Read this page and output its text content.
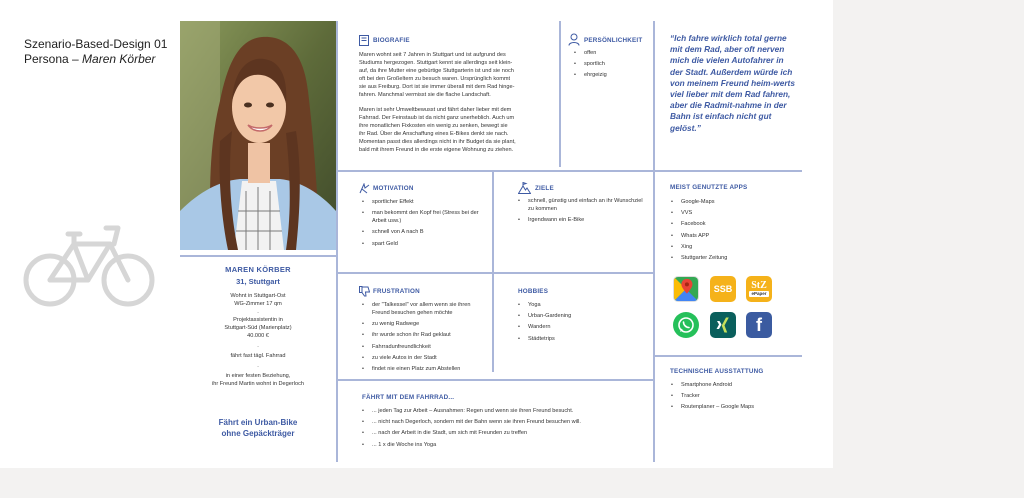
Szenario-Based-Design 01
Persona – Maren Körber
MAREN KÖRBER
31, Stuttgart
Wohnt in Stuttgart-Ost
WG-Zimmer 17 qm
.
Projektassistentin in
Stuttgart-Süd (Marienplatz)
40.000 €
.
fährt fast tägl. Fahrrad
.
in einer festen Beziehung,
ihr Freund Martin wohnt in Degerloch
Fährt ein Urban-Bike
ohne Gepäckträger
BIOGRAFIE
Maren wohnt seit 7 Jahren in Stuttgart und ist aufgrund des
Studiums hergezogen. Stuttgart kennt sie allerdings seit klein-
auf, da ihre Mutter eine gebürtige Stuttgarterin ist und sie noch
oft bei den Großeltern zu besuch waren. Ursprünglich kommt
sie aus Freiburg. Dort ist sie immer überall mit dem Rad hinge-
fahren. Manchmal vermisst sie die flache Landschaft.
Maren ist sehr Umweltbewusst und fährt daher lieber mit dem
Fahrrad. Der Feinstaub ist da nicht ganz unerheblich. Auch um
ihre monatlichen Fixkosten ein wenig zu senken, bewegt sie
ihr Rad. Über die Anschaffung eines E-Bikes denkt sie nach.
Momentan passt dies allerdings nicht in ihr Budget da sie plant,
bald mit ihrem Freund in die erste eigene Wohnung zu ziehen.
PERSÖNLICHKEIT
• offen
• sportlich
• ehrgeizig
“Ich fahre wirklich total gerne mit dem Rad, aber oft nerven mich die vielen Autofahrer in der Stadt. Außerdem würde ich von meinem Freund heim-werts viel lieber mit dem Rad fahren, aber die Radmit-nahme in der Bahn ist einfach nicht gut gelöst.”
MOTIVATION
• sportlicher Effekt
• man bekommt den Kopf frei (Stress bei der Arbeit usw.)
• schnell von A nach B
• spart Geld
ZIELE
• schnell, günstig und einfach an ihr Wunschziel zu kommen
• Irgendwann ein E-Bike
MEIST GENUTZTE APPS
• Google-Maps
• VVS
• Facebook
• Whats APP
• Xing
• Stuttgarter Zeitung
SSB	StZ
ePaper
f
FRUSTRATION
• der "Talkessel" vor allem wenn sie ihren Freund besuchen gehen möchte
• zu wenig Radwege
• ihr wurde schon ihr Rad geklaut
• Fahrradunfreundlichkeit
• zu viele Autos in der Stadt
• findet nie einen Platz zum Abstellen
HOBBIES
• Yoga
• Urban-Gardening
• Wandern
• Städtetrips
TECHNISCHE AUSSTATTUNG
• Smartphone Android
• Tracker
• Routenplaner – Google Maps
FÄHRT MIT DEM FAHRRAD...
• ... jeden Tag zur Arbeit – Ausnahmen: Regen und wenn sie ihren Freund besucht.
• ... nicht nach Degerloch, sondern mit der Bahn wenn sie ihren Freund besuchen will.
• ... nach der Arbeit in die Stadt, um sich mit Freunden zu treffen
• ... 1 x die Woche ins Yoga
